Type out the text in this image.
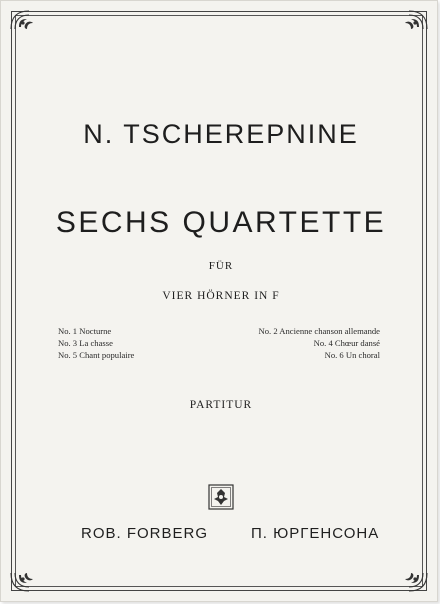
N. TSCHEREPNINE
SECHS QUARTETTE
FÜR
VIER HÖRNER IN F
No. 1 Nocturne
No. 3 La chasse
No. 5 Chant populaire
No. 2 Ancienne chanson allemande
No. 4 Chœur dansé
No. 6 Un choral
PARTITUR
ROB. FORBERG	П. ЮРГЕНСОНА
